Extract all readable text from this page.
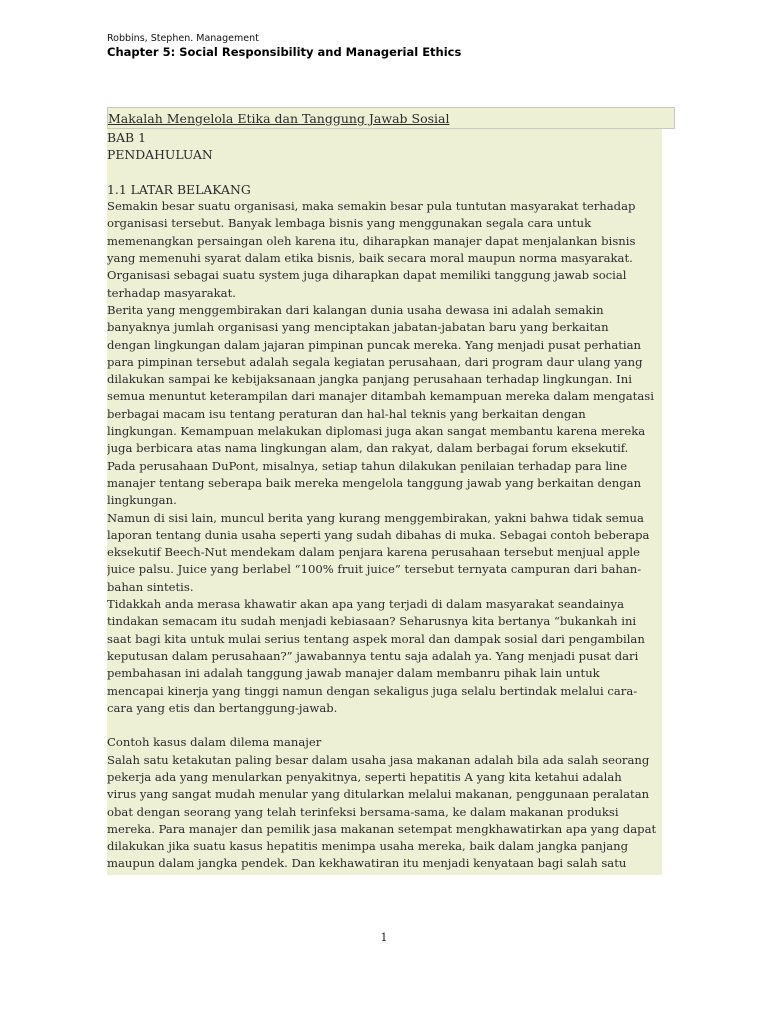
Robbins, Stephen. Management
Chapter 5: Social Responsibility and Managerial Ethics
Makalah Mengelola Etika dan Tanggung Jawab Sosial
BAB 1
PENDAHULUAN
1.1 LATAR BELAKANG
Semakin besar suatu organisasi, maka semakin besar pula tuntutan masyarakat terhadap
organisasi tersebut. Banyak lembaga bisnis yang menggunakan segala cara untuk
memenangkan persaingan oleh karena itu, diharapkan manajer dapat menjalankan bisnis
yang memenuhi syarat dalam etika bisnis, baik secara moral maupun norma masyarakat.
Organisasi sebagai suatu system juga diharapkan dapat memiliki tanggung jawab social
terhadap masyarakat.
Berita yang menggembirakan dari kalangan dunia usaha dewasa ini adalah semakin
banyaknya jumlah organisasi yang menciptakan jabatan-jabatan baru yang berkaitan
dengan lingkungan dalam jajaran pimpinan puncak mereka. Yang menjadi pusat perhatian
para pimpinan tersebut adalah segala kegiatan perusahaan, dari program daur ulang yang
dilakukan sampai ke kebijaksanaan jangka panjang perusahaan terhadap lingkungan. Ini
semua menuntut keterampilan dari manajer ditambah kemampuan mereka dalam mengatasi
berbagai macam isu tentang peraturan dan hal-hal teknis yang berkaitan dengan
lingkungan. Kemampuan melakukan diplomasi juga akan sangat membantu karena mereka
juga berbicara atas nama lingkungan alam, dan rakyat, dalam berbagai forum eksekutif.
Pada perusahaan DuPont, misalnya, setiap tahun dilakukan penilaian terhadap para line
manajer tentang seberapa baik mereka mengelola tanggung jawab yang berkaitan dengan
lingkungan.
Namun di sisi lain, muncul berita yang kurang menggembirakan, yakni bahwa tidak semua
laporan tentang dunia usaha seperti yang sudah dibahas di muka. Sebagai contoh beberapa
eksekutif Beech-Nut mendekam dalam penjara karena perusahaan tersebut menjual apple
juice palsu. Juice yang berlabel “100% fruit juice” tersebut ternyata campuran dari bahan-
bahan sintetis.
Tidakkah anda merasa khawatir akan apa yang terjadi di dalam masyarakat seandainya
tindakan semacam itu sudah menjadi kebiasaan? Seharusnya kita bertanya “bukankah ini
saat bagi kita untuk mulai serius tentang aspek moral dan dampak sosial dari pengambilan
keputusan dalam perusahaan?” jawabannya tentu saja adalah ya. Yang menjadi pusat dari
pembahasan ini adalah tanggung jawab manajer dalam membanru pihak lain untuk
mencapai kinerja yang tinggi namun dengan sekaligus juga selalu bertindak melalui cara-
cara yang etis dan bertanggung-jawab.
Contoh kasus dalam dilema manajer
Salah satu ketakutan paling besar dalam usaha jasa makanan adalah bila ada salah seorang
pekerja ada yang menularkan penyakitnya, seperti hepatitis A yang kita ketahui adalah
virus yang sangat mudah menular yang ditularkan melalui makanan, penggunaan peralatan
obat dengan seorang yang telah terinfeksi bersama-sama, ke dalam makanan produksi
mereka. Para manajer dan pemilik jasa makanan setempat mengkhawatirkan apa yang dapat
dilakukan jika suatu kasus hepatitis menimpa usaha mereka, baik dalam jangka panjang
maupun dalam jangka pendek. Dan kekhawatiran itu menjadi kenyataan bagi salah satu
1
